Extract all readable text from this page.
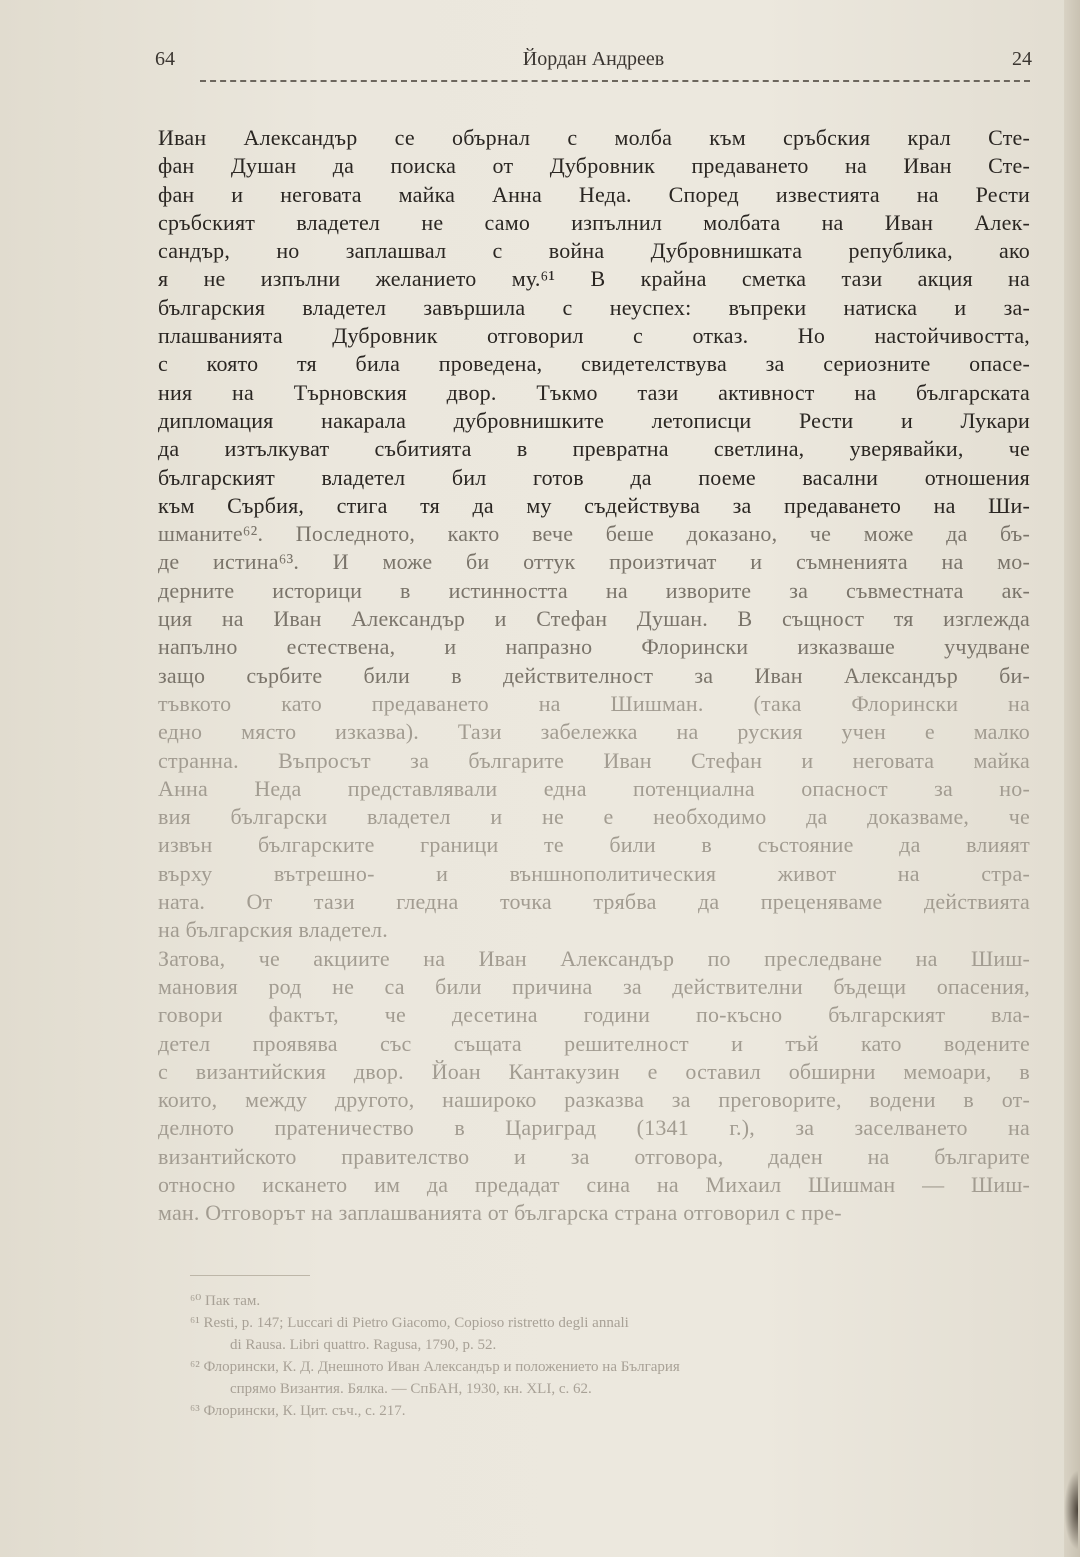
64	Йордан Андреев	24
Иван Александър се обърнал с молба към сръбския крал Сте-
фан Душан да поиска от Дубровник предаването на Иван Сте-
фан и неговата майка Анна Неда. Според известията на Рести
сръбският владетел не само изпълнил молбата на Иван Алек-
сандър, но заплашвал с война Дубровнишката република, ако
я не изпълни желанието му.⁶¹ В крайна сметка тази акция на
българския владетел завършила с неуспех: въпреки натиска и за-
плашванията Дубровник отговорил с отказ. Но настойчивостта,
с която тя била проведена, свидетелствува за сериозните опасе-
ния на Търновския двор. Тъкмо тази активност на българската
дипломация накарала дубровнишките летописци Рести и Лукари
да изтълкуват събитията в превратна светлина, уверявайки, че
българският владетел бил готов да поеме васални отношения
към Сърбия, стига тя да му съдействува за предаването на Ши-
шманите⁶². Последното, както вече беше доказано, че може да бъ-
де истина⁶³. И може би оттук произтичат и съмненията на мо-
дерните историци в истинността на изворите за съвместната ак-
ция на Иван Александър и Стефан Душан. В същност тя изглежда
напълно естествена, и напразно Флорински изказваше учудване
защо сърбите били в действителност за Иван Александър би-
тъвкото като предаването на Шишман. (така Флорински на
едно място изказва). Тази забележка на руския учен е малко
странна. Въпросът за българите Иван Стефан и неговата майка
Анна Неда представлявали една потенциална опасност за но-
вия български владетел и не е необходимо да доказваме, че
извън българските граници те били в състояние да влияят
върху вътрешно- и външнополитическия живот на стра-
ната. От тази гледна точка трябва да преценяваме действията
на българския владетел.
Затова, че акциите на Иван Александър по преследване на Шиш-
мановия род не са били причина за действителни бъдещи опасения,
говори фактът, че десетина години по-късно българският вла-
детел проявява със същата решителност и тъй като водените
с византийския двор. Йоан Кантакузин е оставил обширни мемоари, в
които, между другото, нашироко разказва за преговорите, водени в от-
делното пратеничество в Цариград (1341 г.), за заселването на
византийското правителство и за отговора, даден на българите
относно искането им да предадат сина на Михаил Шишман — Шиш-
ман. Отговорът на заплашванията от българска страна отговорил с пре-
⁶⁰ Пак там.
⁶¹ Resti, p. 147; Luccari di Pietro Giacomo, Copioso ristretto degli annali
di Rausa. Libri quattro. Ragusa, 1790, p. 52.
⁶² Флорински, К. Д. Днешното Иван Александър и положението на България
спрямо Византия. Бялка. — СпБАН, 1930, кн. XLI, с. 62.
⁶³ Флорински, К. Цит. съч., с. 217.
